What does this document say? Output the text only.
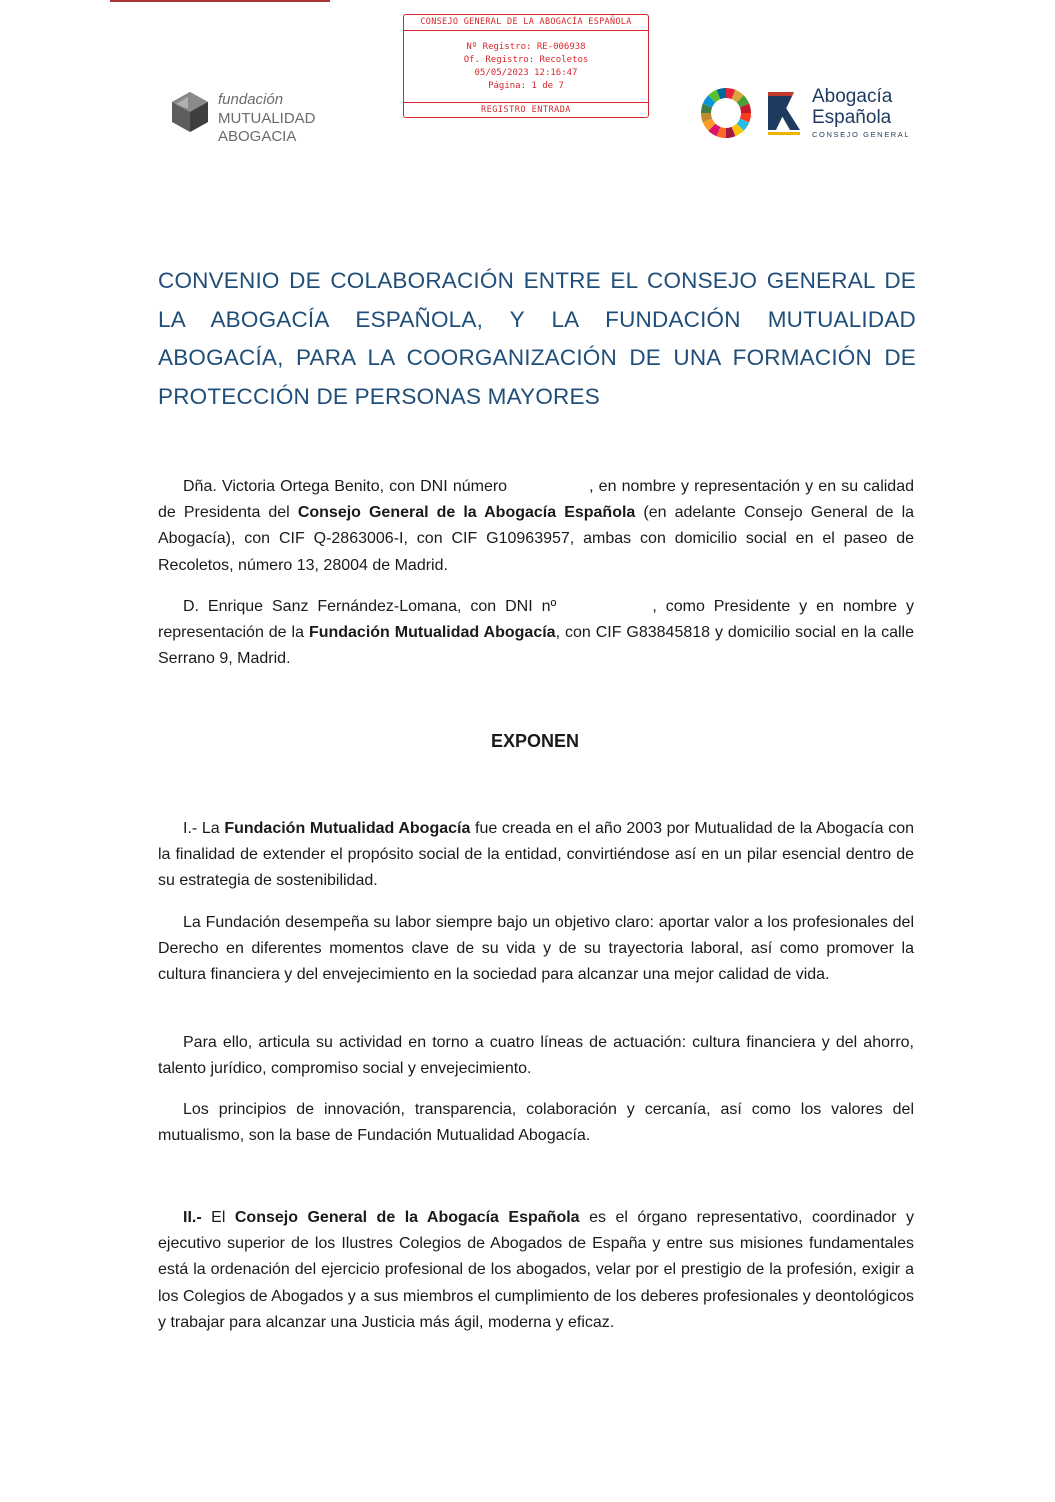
CONSEJO GENERAL DE LA ABOGACÍA ESPAÑOLA
Nº Registro: RE-006938
Of. Registro: Recoletos
05/05/2023 12:16:47
Página: 1 de 7
REGISTRO ENTRADA
fundación
MUTUALIDAD
ABOGACIA
Abogacía
Española
CONSEJO GENERAL
CONVENIO DE COLABORACIÓN ENTRE EL CONSEJO GENERAL DE LA ABOGACÍA ESPAÑOLA, Y LA FUNDACIÓN MUTUALIDAD ABOGACÍA, PARA LA COORGANIZACIÓN DE UNA FORMACIÓN DE PROTECCIÓN DE PERSONAS MAYORES
Dña. Victoria Ortega Benito, con DNI número	, en nombre y representación y en su calidad de Presidenta del Consejo General de la Abogacía Española (en adelante Consejo General de la Abogacía), con CIF Q-2863006-I, con CIF G10963957, ambas con domicilio social en el paseo de Recoletos, número 13, 28004 de Madrid.
D. Enrique Sanz Fernández-Lomana, con DNI nº	, como Presidente y en nombre y representación de la Fundación Mutualidad Abogacía, con CIF G83845818 y domicilio social en la calle Serrano 9, Madrid.
EXPONEN
I.- La Fundación Mutualidad Abogacía fue creada en el año 2003 por Mutualidad de la Abogacía con la finalidad de extender el propósito social de la entidad, convirtiéndose así en un pilar esencial dentro de su estrategia de sostenibilidad.
La Fundación desempeña su labor siempre bajo un objetivo claro: aportar valor a los profesionales del Derecho en diferentes momentos clave de su vida y de su trayectoria laboral, así como promover la cultura financiera y del envejecimiento en la sociedad para alcanzar una mejor calidad de vida.
Para ello, articula su actividad en torno a cuatro líneas de actuación: cultura financiera y del ahorro, talento jurídico, compromiso social y envejecimiento.
Los principios de innovación, transparencia, colaboración y cercanía, así como los valores del mutualismo, son la base de Fundación Mutualidad Abogacía.
II.- El Consejo General de la Abogacía Española es el órgano representativo, coordinador y ejecutivo superior de los Ilustres Colegios de Abogados de España y entre sus misiones fundamentales está la ordenación del ejercicio profesional de los abogados, velar por el prestigio de la profesión, exigir a los Colegios de Abogados y a sus miembros el cumplimiento de los deberes profesionales y deontológicos y trabajar para alcanzar una Justicia más ágil, moderna y eficaz.
